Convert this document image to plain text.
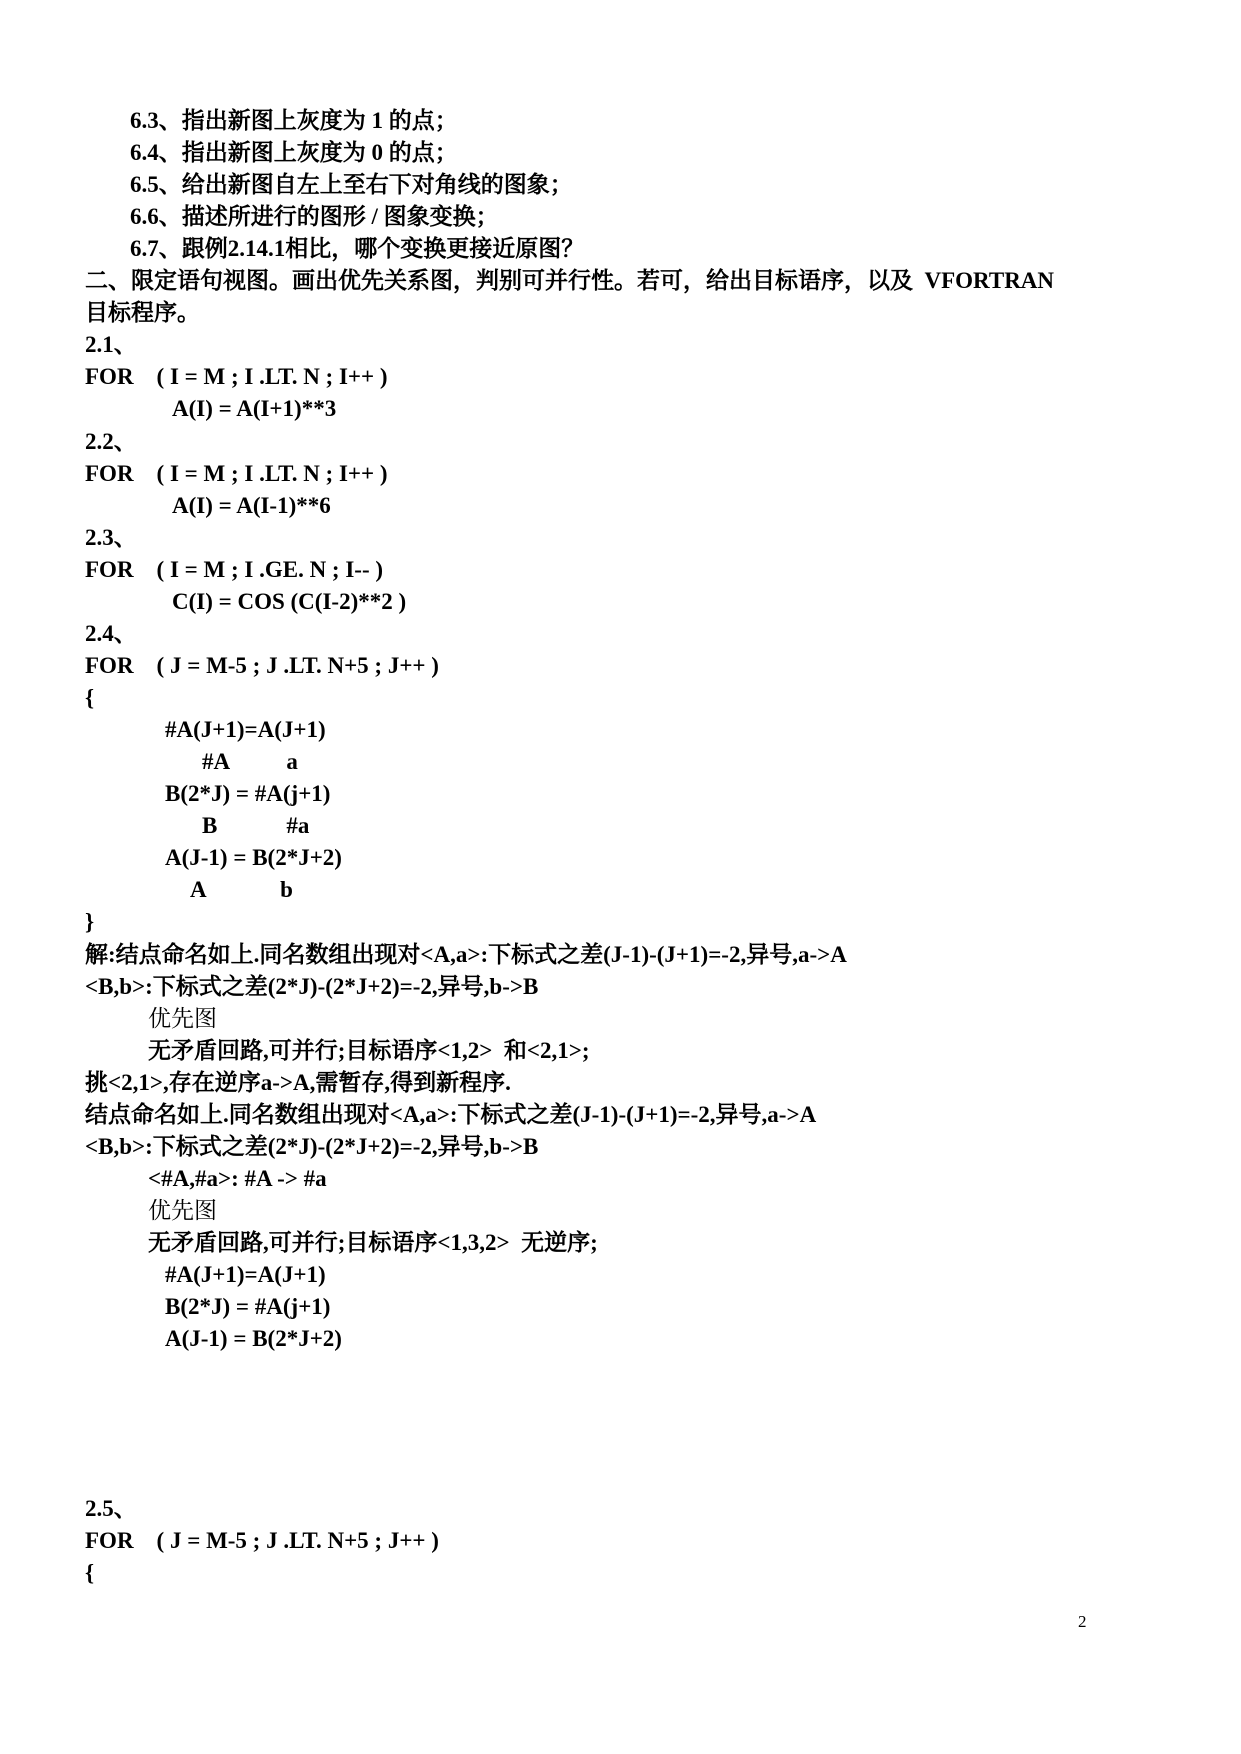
6.3、指出新图上灰度为 1 的点；
6.4、指出新图上灰度为 0 的点；
6.5、给出新图自左上至右下对角线的图象；
6.6、描述所进行的图形 / 图象变换；
6.7、跟例2.14.1相比，哪个变换更接近原图？
二、限定语句视图。画出优先关系图，判别可并行性。若可，给出目标语序，以及  VFORTRAN
目标程序。
2.1、
FOR    ( I = M ; I .LT. N ; I++ )
A(I) = A(I+1)**3
2.2、
FOR    ( I = M ; I .LT. N ; I++ )
A(I) = A(I-1)**6
2.3、
FOR    ( I = M ; I .GE. N ; I-- )
C(I) = COS (C(I-2)**2 )
2.4、
FOR    ( J = M-5 ; J .LT. N+5 ; J++ )
{
#A(J+1)=A(J+1)
#A          a
B(2*J) = #A(j+1)
B            #a
A(J-1) = B(2*J+2)
A             b
}
解:结点命名如上.同名数组出现对<A,a>:下标式之差(J-1)-(J+1)=-2,异号,a->A
<B,b>:下标式之差(2*J)-(2*J+2)=-2,异号,b->B
优先图
无矛盾回路,可并行;目标语序<1,2>  和<2,1>;
挑<2,1>,存在逆序a->A,需暂存,得到新程序.
结点命名如上.同名数组出现对<A,a>:下标式之差(J-1)-(J+1)=-2,异号,a->A
<B,b>:下标式之差(2*J)-(2*J+2)=-2,异号,b->B
<#A,#a>: #A -> #a
优先图
无矛盾回路,可并行;目标语序<1,3,2>  无逆序;
#A(J+1)=A(J+1)
B(2*J) = #A(j+1)
A(J-1) = B(2*J+2)
2.5、
FOR    ( J = M-5 ; J .LT. N+5 ; J++ )
{
2
